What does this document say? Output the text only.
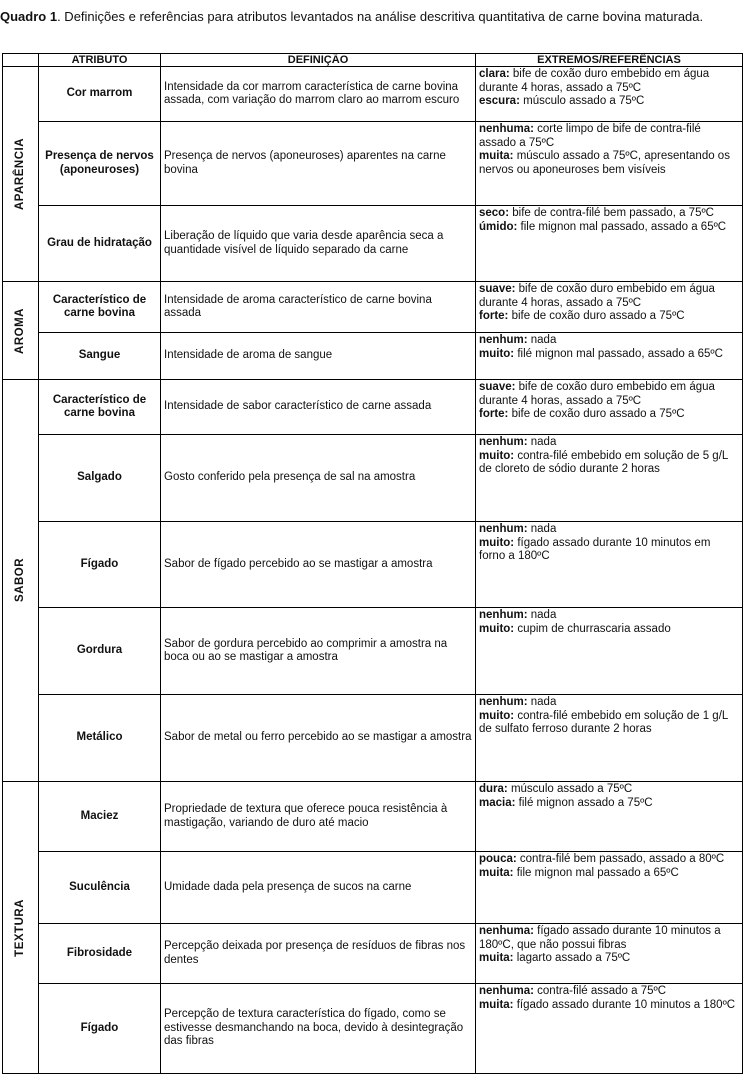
Quadro 1. Definições e referências para atributos levantados na análise descritiva quantitativa de carne bovina maturada.
	ATRIBUTO	DEFINIÇÃO	EXTREMOS/REFERÊNCIAS

APARÊNCIA	Cor marrom	Intensidade da cor marrom característica de carne bovina assada, com variação do marrom claro ao marrom escuro	clara: bife de coxão duro embebido em água durante 4 horas, assado a 75ºC
escura: músculo assado a 75ºC

	Presença de nervos (aponeuroses)	Presença de nervos (aponeuroses) aparentes na carne bovina	nenhuma: corte limpo de bife de contra-filé assado a 75ºC
muita: músculo assado a 75ºC, apresentando os nervos ou aponeuroses bem visíveis

	Grau de hidratação	Liberação de líquido que varia desde aparência seca a quantidade visível de líquido separado da carne	seco: bife de contra-filé bem passado, a 75ºC
úmido: file mignon mal passado, assado a 65ºC

AROMA	Característico de carne bovina	Intensidade de aroma característico de carne bovina assada	suave: bife de coxão duro embebido em água durante 4 horas, assado a 75ºC
forte: bife de coxão duro assado a 75ºC

	Sangue	Intensidade de aroma de sangue	nenhum: nada
muito: filé mignon mal passado, assado a 65ºC

SABOR	Característico de carne bovina	Intensidade de sabor característico de carne assada	suave: bife de coxão duro embebido em água durante 4 horas, assado a 75ºC
forte: bife de coxão duro assado a 75ºC

	Salgado	Gosto conferido pela presença de sal na amostra	nenhum: nada
muito: contra-filé embebido em solução de 5 g/L de cloreto de sódio durante 2 horas

	Fígado	Sabor de fígado percebido ao se mastigar a amostra	nenhum: nada
muito: fígado assado durante 10 minutos em forno a 180ºC

	Gordura	Sabor de gordura percebido ao comprimir a amostra na boca ou ao se mastigar a amostra	nenhum: nada
muito: cupim de churrascaria assado

	Metálico	Sabor de metal ou ferro percebido ao se mastigar a amostra	nenhum: nada
muito: contra-filé embebido em solução de 1 g/L de sulfato ferroso durante 2 horas

TEXTURA	Maciez	Propriedade de textura que oferece pouca resistência à mastigação, variando de duro até macio	dura: músculo assado a 75ºC
macia: filé mignon assado a 75ºC

	Suculência	Umidade dada pela presença de sucos na carne	pouca: contra-filé bem passado, assado a 80ºC
muita: file mignon mal passado a 65ºC

	Fibrosidade	Percepção deixada por presença de resíduos de fibras nos dentes	nenhuma: fígado assado durante 10 minutos a 180ºC, que não possui fibras
muita: lagarto assado a 75ºC

	Fígado	Percepção de textura característica do fígado, como se estivesse desmanchando na boca, devido à desintegração das fibras	nenhuma: contra-filé assado a 75ºC
muita: fígado assado durante 10 minutos a 180ºC
